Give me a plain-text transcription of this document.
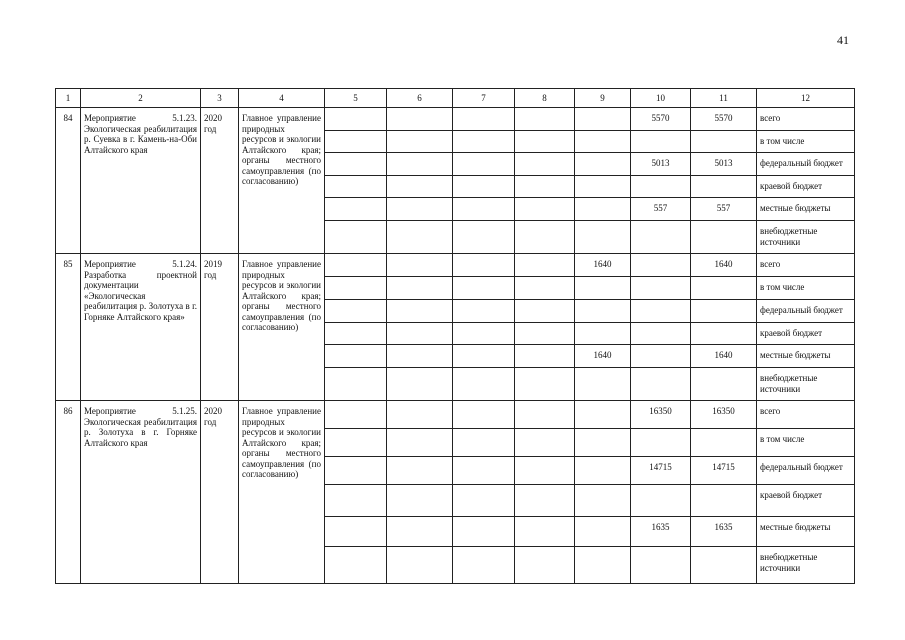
41
1	2	3	4	5	6	7	8	9	10	11	12
84	Мероприятие 5.1.23. Экологическая реабилитация р. Суевка в г. Камень-на-Оби Алтайского края	2020 год	Главное управление природных ресурсов и экологии Алтайского края; органы местного самоуправления (по согласованию)						5570	5570	всего
											в том числе
									5013	5013	федеральный бюджет
											краевой бюджет
									557	557	местные бюджеты
											внебюджетные источники
85	Мероприятие 5.1.24. Разработка проектной документации «Экологическая реабилитация р. Золотуха в г. Горняке Алтайского края»	2019 год	Главное управление природных ресурсов и экологии Алтайского края; органы местного самоуправления (по согласованию)					1640		1640	всего
											в том числе
											федеральный бюджет
											краевой бюджет
								1640		1640	местные бюджеты
											внебюджетные источники
86	Мероприятие 5.1.25. Экологическая реабилитация р. Золотуха в г. Горняке Алтайского края	2020 год	Главное управление природных ресурсов и экологии Алтайского края; органы местного самоуправления (по согласованию)						16350	16350	всего
											в том числе
									14715	14715	федеральный бюджет
											краевой бюджет
									1635	1635	местные бюджеты
											внебюджетные источники
